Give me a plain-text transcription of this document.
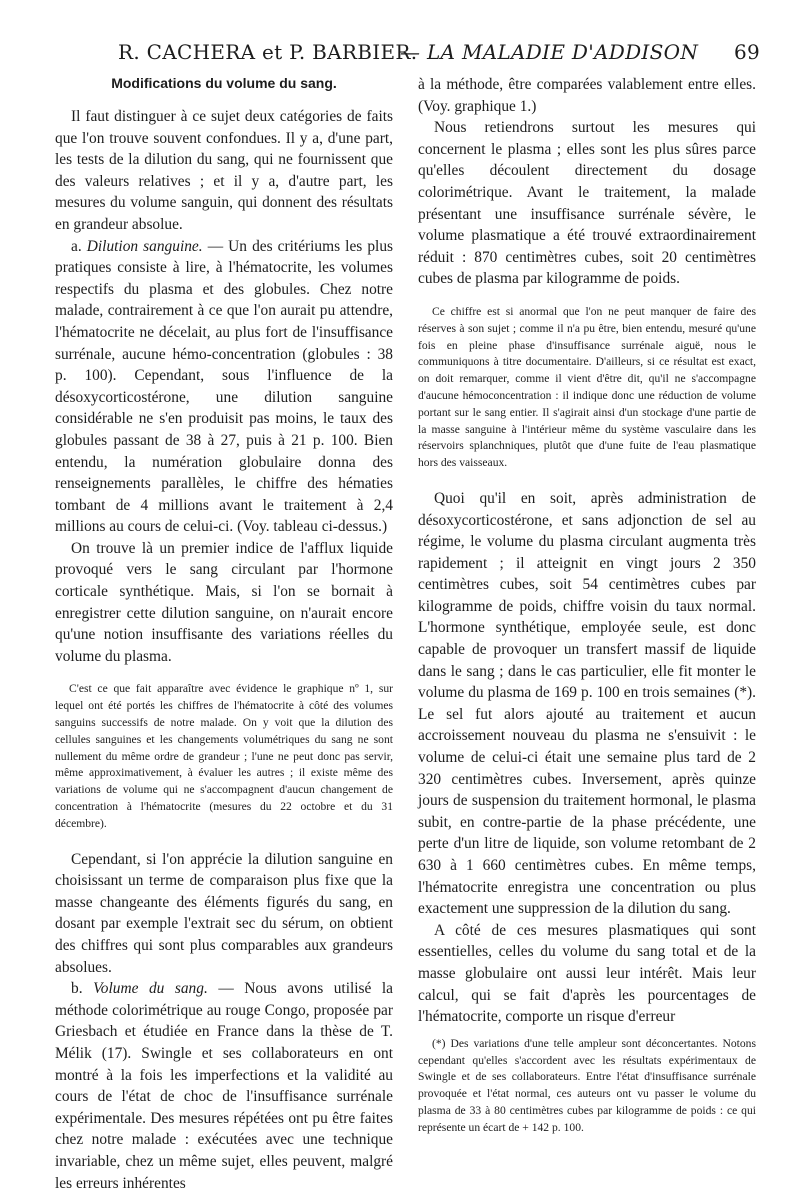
R. CACHERA et P. BARBIER.
— LA MALADIE D'ADDISON 69
Modifications du volume du sang.

Il faut distinguer à ce sujet deux catégories de faits que l'on trouve souvent confondues. Il y a, d'une part, les tests de la dilution du sang, qui ne fournissent que des valeurs relatives ; et il y a, d'autre part, les mesures du volume sanguin, qui donnent des résultats en grandeur absolue.

a. Dilution sanguine. — Un des critériums les plus pratiques consiste à lire, à l'hématocrite, les volumes respectifs du plasma et des globules. Chez notre malade, contrairement à ce que l'on aurait pu attendre, l'hématocrite ne décelait, au plus fort de l'insuffisance surrénale, aucune hémo-concentration (globules : 38 p. 100). Cependant, sous l'influence de la désoxycorticostérone, une dilution sanguine considérable ne s'en produisit pas moins, le taux des globules passant de 38 à 27, puis à 21 p. 100. Bien entendu, la numération globulaire donna des renseignements parallèles, le chiffre des hématies tombant de 4 millions avant le traitement à 2,4 millions au cours de celui-ci. (Voy. tableau ci-dessus.)

On trouve là un premier indice de l'afflux liquide provoqué vers le sang circulant par l'hormone corticale synthétique. Mais, si l'on se bornait à enregistrer cette dilution sanguine, on n'aurait encore qu'une notion insuffisante des variations réelles du volume du plasma.

C'est ce que fait apparaître avec évidence le graphique nº 1, sur lequel ont été portés les chiffres de l'hématocrite à côté des volumes sanguins successifs de notre malade. On y voit que la dilution des cellules sanguines et les changements volumétriques du sang ne sont nullement du même ordre de grandeur ; l'une ne peut donc pas servir, même approximativement, à évaluer les autres ; il existe même des variations de volume qui ne s'accompagnent d'aucun changement de concentration à l'hématocrite (mesures du 22 octobre et du 31 décembre).

Cependant, si l'on apprécie la dilution sanguine en choisissant un terme de comparaison plus fixe que la masse changeante des éléments figurés du sang, en dosant par exemple l'extrait sec du sérum, on obtient des chiffres qui sont plus comparables aux grandeurs absolues.

b. Volume du sang. — Nous avons utilisé la méthode colorimétrique au rouge Congo, proposée par Griesbach et étudiée en France dans la thèse de T. Mélik (17). Swingle et ses collaborateurs en ont montré à la fois les imperfections et la validité au cours de l'état de choc de l'insuffisance surrénale expérimentale. Des mesures répétées ont pu être faites chez notre malade : exécutées avec une technique invariable, chez un même sujet, elles peuvent, malgré les erreurs inhérentes

à la méthode, être comparées valablement entre elles. (Voy. graphique 1.)

Nous retiendrons surtout les mesures qui concernent le plasma ; elles sont les plus sûres parce qu'elles découlent directement du dosage colorimétrique. Avant le traitement, la malade présentant une insuffisance surrénale sévère, le volume plasmatique a été trouvé extraordinairement réduit : 870 centimètres cubes, soit 20 centimètres cubes de plasma par kilogramme de poids.

Ce chiffre est si anormal que l'on ne peut manquer de faire des réserves à son sujet ; comme il n'a pu être, bien entendu, mesuré qu'une fois en pleine phase d'insuffisance surrénale aiguë, nous le communiquons à titre documentaire. D'ailleurs, si ce résultat est exact, on doit remarquer, comme il vient d'être dit, qu'il ne s'accompagne d'aucune hémoconcentration : il indique donc une réduction de volume portant sur le sang entier. Il s'agirait ainsi d'un stockage d'une partie de la masse sanguine à l'intérieur même du système vasculaire dans les réservoirs splanchniques, plutôt que d'une fuite de l'eau plasmatique hors des vaisseaux.

Quoi qu'il en soit, après administration de désoxycorticostérone, et sans adjonction de sel au régime, le volume du plasma circulant augmenta très rapidement ; il atteignit en vingt jours 2 350 centimètres cubes, soit 54 centimètres cubes par kilogramme de poids, chiffre voisin du taux normal. L'hormone synthétique, employée seule, est donc capable de provoquer un transfert massif de liquide dans le sang ; dans le cas particulier, elle fit monter le volume du plasma de 169 p. 100 en trois semaines (*). Le sel fut alors ajouté au traitement et aucun accroissement nouveau du plasma ne s'ensuivit : le volume de celui-ci était une semaine plus tard de 2 320 centimètres cubes. Inversement, après quinze jours de suspension du traitement hormonal, le plasma subit, en contre-partie de la phase précédente, une perte d'un litre de liquide, son volume retombant de 2 630 à 1 660 centimètres cubes. En même temps, l'hématocrite enregistra une concentration ou plus exactement une suppression de la dilution du sang.

A côté de ces mesures plasmatiques qui sont essentielles, celles du volume du sang total et de la masse globulaire ont aussi leur intérêt. Mais leur calcul, qui se fait d'après les pourcentages de l'hématocrite, comporte un risque d'erreur

(*) Des variations d'une telle ampleur sont déconcertantes. Notons cependant qu'elles s'accordent avec les résultats expérimentaux de Swingle et de ses collaborateurs. Entre l'état d'insuffisance surrénale provoquée et l'état normal, ces auteurs ont vu passer le volume du plasma de 33 à 80 centimètres cubes par kilogramme de poids : ce qui représente un écart de + 142 p. 100.
